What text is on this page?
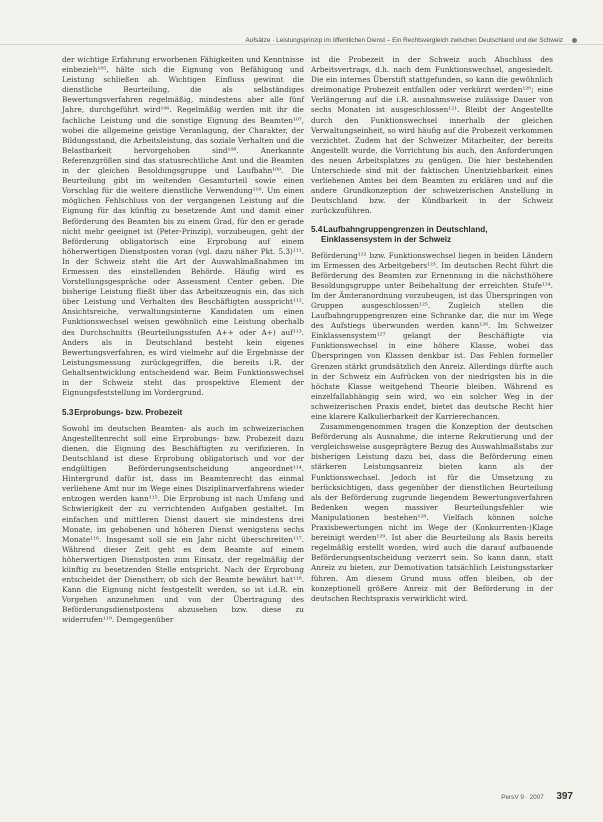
Aufsätze · Leistungsprinzip im öffentlichen Dienst – Ein Rechtsvergleich zwischen Deutschland und der Schweiz

der wichtige Erfahrung erworbenen Fähigkeiten und Kenntnisse einbezieh¹⁰⁵, hälte sich die Eignung von Befähigung und Leistung schließen ab. Wichtigen Einfluss gewinnt die dienstliche Beurteilung, die als selbständiges Bewertungsverfahren regelmäßig, mindestens aber alle fünf Jahre, durchgeführt wird¹⁰⁶. Regelmäßig werden mit ihr die fachliche Leistung und die sonstige Eignung des Beamten¹⁰⁷, wobei die allgemeine geistige Veranlagung, der Charakter, der Bildungsstand, die Arbeitsleistung, das soziale Verhalten und die Belastbarkeit hervorgehoben sind¹⁰⁸. Anerkannte Referenzgrößen sind das statusrechtliche Amt und die Beamten in der gleichen Besoldungsgruppe und Laufbahn¹⁰⁹. Die Beurteilung gibt im weitenden Gesamturteil sowie einen Vorschlag für die weitere dienstliche Verwendung¹¹⁰. Um einen möglichen Fehlschluss von der vergangenen Leistung auf die Eignung für das künftig zu besetzende Amt und damit einer Beförderung des Beamten bis zu einem Grad, für den er gerade nicht mehr geeignet ist (Peter-Prinzip), vorzubeugen, geht der Beförderung obligatorisch eine Erprobung auf einem höherwertigen Dienstposten voran (vgl. dazu näher Pkt. 5.3)¹¹¹. In der Schweiz steht die Art der Auswahlmaßnahmen im Ermessen des einstellenden Behörde. Häufig wird es Vorstellungsgespräche oder Assessment Center geben. Die bisherige Leistung fließt über das Arbeitszeugnis ein, das sich über Leistung und Verhalten des Beschäftigten ausspricht¹¹². Ansichtsreiche, verwaltungsinterne Kandidaten um einen Funktionswechsel weisen gewöhnlich eine Leistung oberhalb des Durchschnitts (Beurteilungsstufen A++ oder A+) auf¹¹³. Anders als in Deutschland besteht kein eigenes Bewertungsverfahren, es wird vielmehr auf die Ergebnisse der Leistungsmessung zurückgegriffen, die bereits i.R. der Gehaltsentwicklung entscheidend war. Beim Funktionswechsel in der Schweiz steht das prospektive Element der Eignungsfeststellung im Vordergrund.

5.3 Erprobungs- bzw. Probezeit

Sowohl im deutschen Beamten- als auch im schweizerischen Angestelltenrecht soll eine Erprobungs- bzw. Probezeit dazu dienen, die Eignung des Beschäftigten zu verifizieren. In Deutschland ist diese Erprobung obligatorisch und vor der endgültigen Beförderungsentscheidung angeordnet¹¹⁴. Hintergrund dafür ist, dass im Beamtenrecht das einmal verliehene Amt nur im Wege eines Disziplinarverfahrens wieder entzogen werden kann¹¹⁵. Die Erprobung ist nach Umfang und Schwierigkeit der zu verrichtenden Aufgaben gestaltet. Im einfachen und mittleren Dienst dauert sie mindestens drei Monate, im gehobenen und höheren Dienst wenigstens sechs Monate¹¹⁶. Insgesamt soll sie ein Jahr nicht überschreiten¹¹⁷. Während dieser Zeit geht es dem Beamte auf einem höherwertigen Dienstposten zum Einsatz, der regelmäßig der künftig zu besetzenden Stelle entspricht. Nach der Erprobung entscheidet der Dienstherr, ob sich der Beamte bewährt hat¹¹⁸. Kann die Eignung nicht festgestellt werden, so ist i.d.R. ein Vorgehen anzunehmen und von der Übertragung des Beförderungsdienstpostens abzusehen bzw. diese zu widerrufen¹¹⁹. Demgegenüber

ist die Probezeit in der Schweiz auch Abschluss des Arbeitsvertrags, d.h. nach dem Funktionswechsel, angesiedelt. Die ein internes Überstift stattgefunden, so kann die gewöhnlich dreimonatige Probezeit entfallen oder verkürzt werden¹²⁰; eine Verlängerung auf die i.R. ausnahmsweise zulässige Dauer von sechs Monaten ist ausgeschlossen¹²¹. Bleibt der Angestellte durch den Funktionswechsel innerhalb der gleichen Verwaltungseinheit, so wird häufig auf die Probezeit verkommen verzichtet. Zudem hat der Schweizer Mitarbeiter, der bereits Angestellt wurde, die Vorrichtung bis auch, den Anforderungen des neuen Arbeitsplatzes zu genügen. Die hier bestehenden Unterschiede sind mit der faktischen Unentziehbarkeit eines verliehenen Amtes bei dem Beamten zu erklären und auf die andere Grundkonzeption der schweizerischen Anstellung in Deutschland bzw. der Kündbarkeit in der Schweiz zurückzuführen.

5.4 Laufbahngruppengrenzen in Deutschland,
Einklassensystem in der Schweiz

Beförderung¹²² bzw. Funktionswechsel liegen in beiden Ländern im Ermessen des Arbeitgebers¹²³. Im deutschen Recht führt die Beförderung des Beamten zur Ernennung in die nächsthöhere Besoldungsgruppe unter Beibehaltung der erreichten Stufe¹²⁴. Im der Ämteranordnung vorzubeugen, ist das Überspringen von Gruppen ausgeschlossen¹²⁵. Zugleich stellen die Laufbahngruppengrenzen eine Schranke dar, die nur im Wege des Aufstiegs überwunden werden kann¹²⁶. Im Schweizer Einklassensystem¹²⁷ gelangt der Beschäftigte via Funktionswechsel in eine höhere Klasse, wobei das Überspringen von Klassen denkbar ist. Das Fehlen formeller Grenzen stärkt grundsätzlich den Anreiz. Allerdings dürfte auch in der Schweiz ein Aufrücken von der niedrigsten bis in die höchste Klasse weitgehend Theorie bleiben. Während es einzelfallabhängig sein wird, wo ein solcher Weg in der schweizerischen Praxis endet, bietet das deutsche Recht hier eine klarere Kalkulierbarkeit der Karrierechancen.

Zusammengenommen tragen die Konzeption der deutschen Beförderung als Ausnahme, die interne Rekrutierung und der vergleichsweise ausgeprägtere Bezug des Auswahlmaßstabs zur bisherigen Leistung dazu bei, dass die Beförderung einen stärkeren Leistungsanreiz bieten kann als der Funktionswechsel. Jedoch ist für die Umsetzung zu berücksichtigen, dass gegenüber der dienstlichen Beurteilung als der Beförderung zugrunde liegendem Bewertungsverfahren Bedenken wegen massiver Beurteilungsfehler wie Manipulationen bestehen¹²⁸. Vielfach können solche Praxisbewertungen nicht im Wege der (Konkurrenten-)Klage bereinigt werden¹²⁹. Ist aber die Beurteilung als Basis bereits regelmäßig erstellt worden, wird auch die darauf aufbauende Beförderungsentscheidung verzerrt sein. So kann dann, statt Anreiz zu bieten, zur Demotivation tatsächlich Leistungsstarker führen. Am diesem Grund muss offen bleiben, ob der konzeptionell größere Anreiz mit der Beförderung in der deutschen Rechtspraxis verwirklicht wird.

PersV 9 · 2007 397
